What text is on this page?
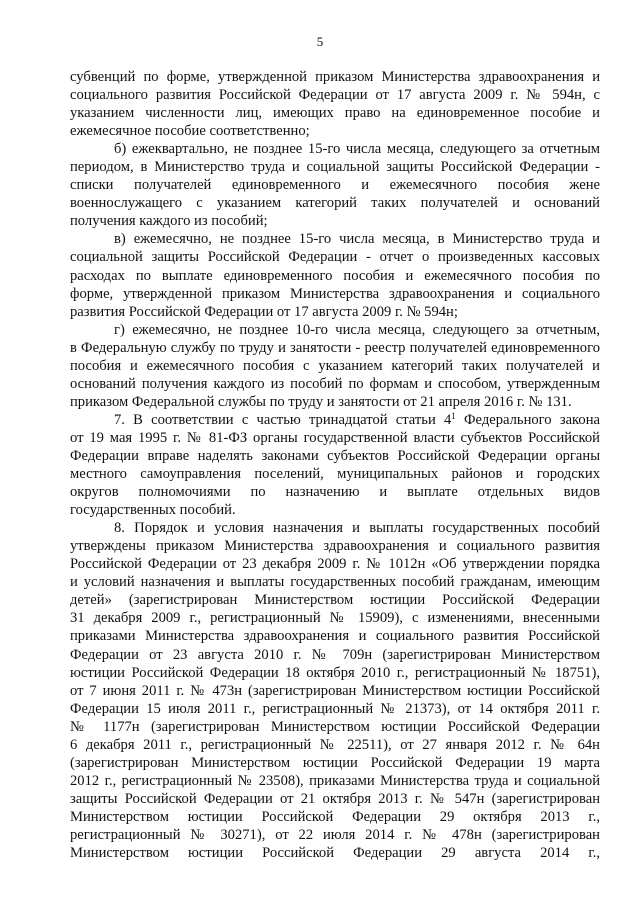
5
субвенций по форме, утвержденной приказом Министерства здравоохранения и
социального развития Российской Федерации от 17 августа 2009 г. № 594н, с
указанием численности лиц, имеющих право на единовременное пособие и
ежемесячное пособие соответственно;
б) ежеквартально, не позднее 15-го числа месяца, следующего за отчетным
периодом, в Министерство труда и социальной защиты Российской Федерации -
списки получателей единовременного и ежемесячного пособия жене
военнослужащего с указанием категорий таких получателей и оснований
получения каждого из пособий;
в) ежемесячно, не позднее 15-го числа месяца, в Министерство труда и
социальной защиты Российской Федерации - отчет о произведенных кассовых
расходах по выплате единовременного пособия и ежемесячного пособия по
форме, утвержденной приказом Министерства здравоохранения и социального
развития Российской Федерации от 17 августа 2009 г. № 594н;
г) ежемесячно, не позднее 10-го числа месяца, следующего за отчетным,
в Федеральную службу по труду и занятости - реестр получателей единовременного
пособия и ежемесячного пособия с указанием категорий таких получателей и
оснований получения каждого из пособий по формам и способом, утвержденным
приказом Федеральной службы по труду и занятости от 21 апреля 2016 г. № 131.
7. В соответствии с частью тринадцатой статьи $4^1$ Федерального закона
от 19 мая 1995 г. № 81-ФЗ органы государственной власти субъектов Российской
Федерации вправе наделять законами субъектов Российской Федерации органы
местного самоуправления поселений, муниципальных районов и городских
округов полномочиями по назначению и выплате отдельных видов
государственных пособий.
8. Порядок и условия назначения и выплаты государственных пособий
утверждены приказом Министерства здравоохранения и социального развития
Российской Федерации от 23 декабря 2009 г. № 1012н «Об утверждении порядка
и условий назначения и выплаты государственных пособий гражданам, имеющим
детей» (зарегистрирован Министерством юстиции Российской Федерации
31 декабря 2009 г., регистрационный № 15909), с изменениями, внесенными
приказами Министерства здравоохранения и социального развития Российской
Федерации от 23 августа 2010 г. № 709н (зарегистрирован Министерством
юстиции Российской Федерации 18 октября 2010 г., регистрационный № 18751),
от 7 июня 2011 г. № 473н (зарегистрирован Министерством юстиции Российской
Федерации 15 июля 2011 г., регистрационный № 21373), от 14 октября 2011 г.
№ 1177н (зарегистрирован Министерством юстиции Российской Федерации
6 декабря 2011 г., регистрационный № 22511), от 27 января 2012 г. № 64н
(зарегистрирован Министерством юстиции Российской Федерации 19 марта
2012 г., регистрационный № 23508), приказами Министерства труда и социальной
защиты Российской Федерации от 21 октября 2013 г. № 547н (зарегистрирован
Министерством юстиции Российской Федерации 29 октября 2013 г.,
регистрационный № 30271), от 22 июля 2014 г. № 478н (зарегистрирован
Министерством юстиции Российской Федерации 29 августа 2014 г.,
